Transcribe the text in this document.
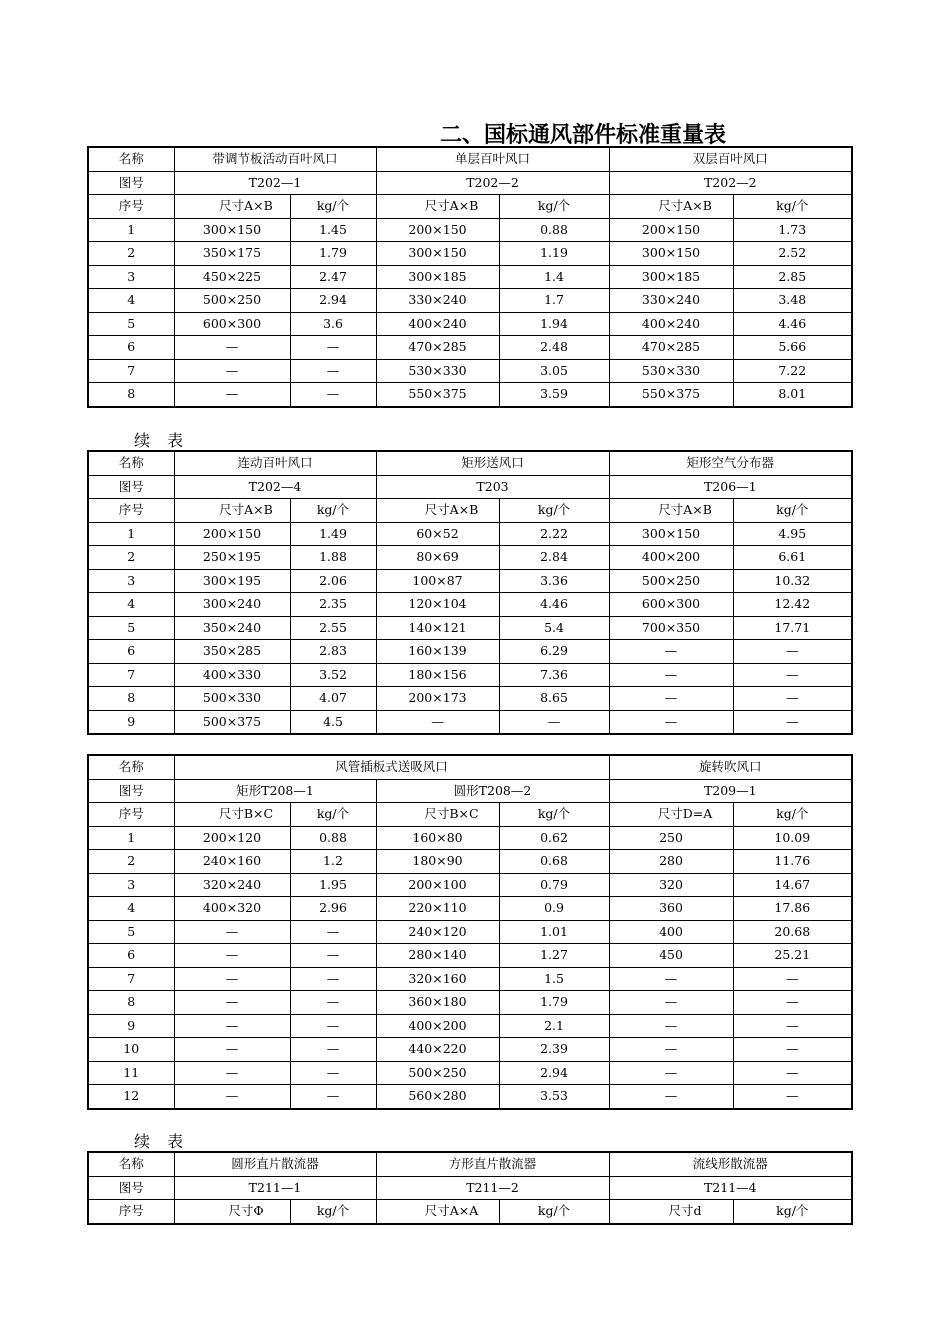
二、国标通风部件标准重量表
续 表
续 表
名称	带调节板活动百叶风口		单层百叶风口		双层百叶风口	
图号	T202—1		T202—2		T202—2	
序号	尺寸A×B	kg/个	尺寸A×B	kg/个	尺寸A×B	kg/个
1	300×150	1.45	200×150	0.88	200×150	1.73
2	350×175	1.79	300×150	1.19	300×150	2.52
3	450×225	2.47	300×185	1.4	300×185	2.85
4	500×250	2.94	330×240	1.7	330×240	3.48
5	600×300	3.6	400×240	1.94	400×240	4.46
6	—	—	470×285	2.48	470×285	5.66
7	—	—	530×330	3.05	530×330	7.22
8	—	—	550×375	3.59	550×375	8.01
名称	连动百叶风口		矩形送风口		矩形空气分布器	
图号	T202—4		T203		T206—1	
序号	尺寸A×B	kg/个	尺寸A×B	kg/个	尺寸A×B	kg/个
1	200×150	1.49	60×52	2.22	300×150	4.95
2	250×195	1.88	80×69	2.84	400×200	6.61
3	300×195	2.06	100×87	3.36	500×250	10.32
4	300×240	2.35	120×104	4.46	600×300	12.42
5	350×240	2.55	140×121	5.4	700×350	17.71
6	350×285	2.83	160×139	6.29	—	—
7	400×330	3.52	180×156	7.36	—	—
8	500×330	4.07	200×173	8.65	—	—
9	500×375	4.5	—	—	—	—
名称	风管插板式送吸风口				旋转吹风口	
图号	矩形T208—1		圆形T208—2		T209—1	
序号	尺寸B×C	kg/个	尺寸B×C	kg/个	尺寸D=A	kg/个
1	200×120	0.88	160×80	0.62	250	10.09
2	240×160	1.2	180×90	0.68	280	11.76
3	320×240	1.95	200×100	0.79	320	14.67
4	400×320	2.96	220×110	0.9	360	17.86
5	—	—	240×120	1.01	400	20.68
6	—	—	280×140	1.27	450	25.21
7	—	—	320×160	1.5	—	—
8	—	—	360×180	1.79	—	—
9	—	—	400×200	2.1	—	—
10	—	—	440×220	2.39	—	—
11	—	—	500×250	2.94	—	—
12	—	—	560×280	3.53	—	—
名称	圆形直片散流器		方形直片散流器		流线形散流器	
图号	T211—1		T211—2		T211—4	
序号	尺寸Φ	kg/个	尺寸A×A	kg/个	尺寸d	kg/个
